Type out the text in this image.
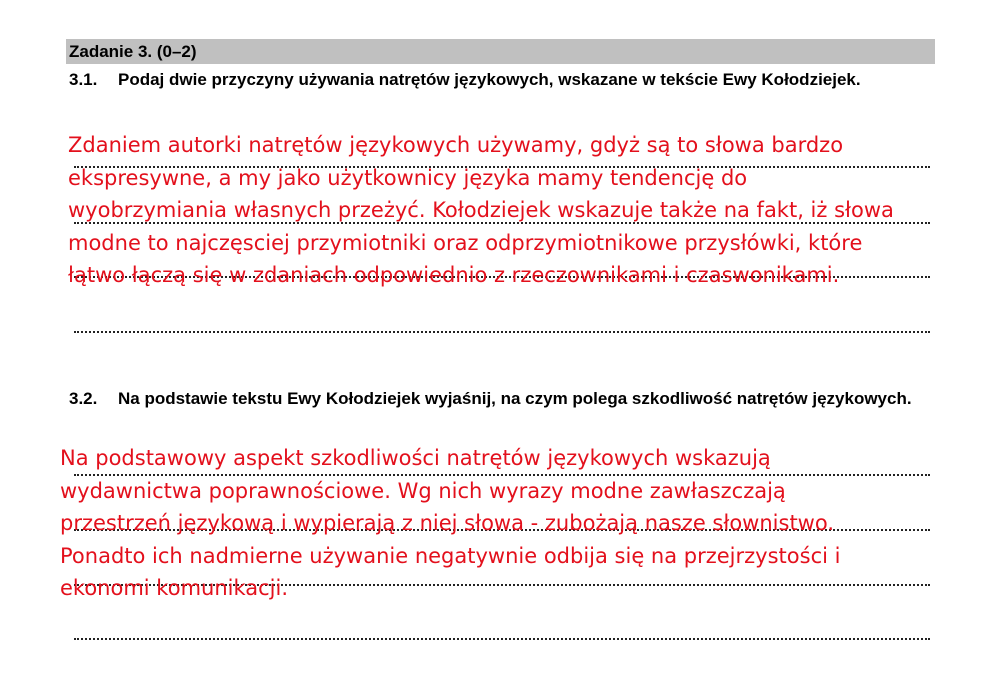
Zadanie 3. (0–2)
3.1. Podaj dwie przyczyny używania natrętów językowych, wskazane w tekście Ewy Kołodziejek.
Zdaniem autorki natrętów językowych używamy, gdyż są to słowa bardzo
ekspresywne, a my jako użytkownicy języka mamy tendencję do
wyobrzymiania własnych przeżyć. Kołodziejek wskazuje także na fakt, iż słowa
modne to najczęsciej przymiotniki oraz odprzymiotnikowe przysłówki, które
łątwo łączą się w zdaniach odpowiednio z rzeczownikami i czaswonikami.
3.2. Na podstawie tekstu Ewy Kołodziejek wyjaśnij, na czym polega szkodliwość natrętów językowych.
Na podstawowy aspekt szkodliwości natrętów językowych wskazują
wydawnictwa poprawnościowe. Wg nich wyrazy modne zawłaszczają
przestrzeń językową i wypierają z niej słowa - zubożają nasze słownistwo.
Ponadto ich nadmierne używanie negatywnie odbija się na przejrzystości i
ekonomi komunikacji.
